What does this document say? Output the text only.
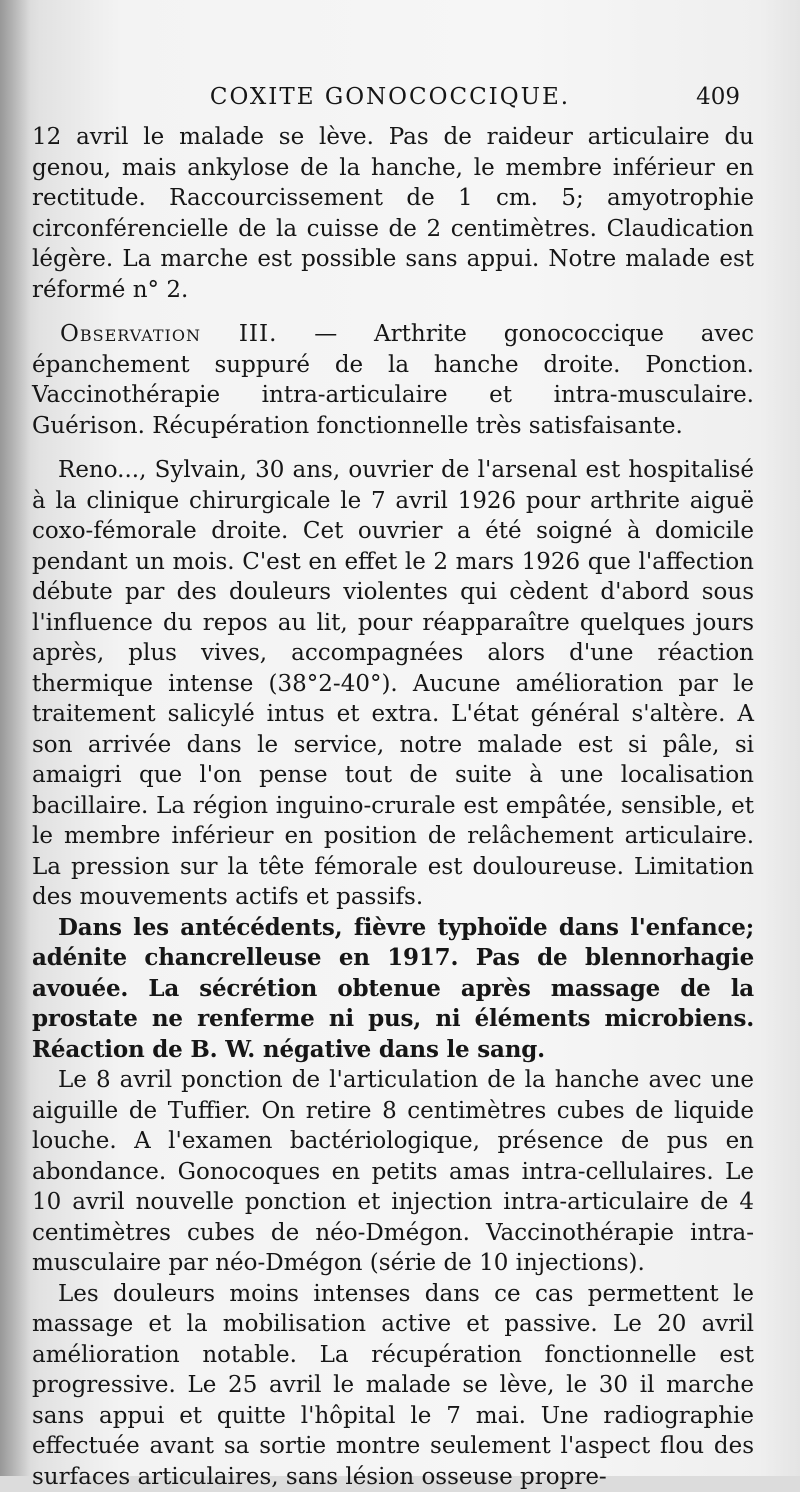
COXITE GONOCOCCIQUE.	409

12 avril le malade se lève. Pas de raideur articulaire du genou, mais ankylose de la hanche, le membre inférieur en rectitude. Raccourcissement de 1 cm. 5; amyotrophie circonférencielle de la cuisse de 2 centimètres. Claudication légère. La marche est possible sans appui. Notre malade est réformé n° 2.

Observation III. — Arthrite gonococcique avec épanchement suppuré de la hanche droite. Ponction. Vaccinothérapie intra-articulaire et intra-musculaire. Guérison. Récupération fonctionnelle très satisfaisante.

Reno..., Sylvain, 30 ans, ouvrier de l'arsenal est hospitalisé à la clinique chirurgicale le 7 avril 1926 pour arthrite aiguë coxo-fémorale droite. Cet ouvrier a été soigné à domicile pendant un mois. C'est en effet le 2 mars 1926 que l'affection débute par des douleurs violentes qui cèdent d'abord sous l'influence du repos au lit, pour réapparaître quelques jours après, plus vives, accompagnées alors d'une réaction thermique intense (38°2-40°). Aucune amélioration par le traitement salicylé intus et extra. L'état général s'altère. A son arrivée dans le service, notre malade est si pâle, si amaigri que l'on pense tout de suite à une localisation bacillaire. La région inguino-crurale est empâtée, sensible, et le membre inférieur en position de relâchement articulaire. La pression sur la tête fémorale est douloureuse. Limitation des mouvements actifs et passifs.

Dans les antécédents, fièvre typhoïde dans l'enfance; adénite chancrelleuse en 1917. Pas de blennorhagie avouée. La sécrétion obtenue après massage de la prostate ne renferme ni pus, ni éléments microbiens. Réaction de B. W. négative dans le sang.

Le 8 avril ponction de l'articulation de la hanche avec une aiguille de Tuffier. On retire 8 centimètres cubes de liquide louche. A l'examen bactériologique, présence de pus en abondance. Gonocoques en petits amas intra-cellulaires. Le 10 avril nouvelle ponction et injection intra-articulaire de 4 centimètres cubes de néo-Dmégon. Vaccinothérapie intra-musculaire par néo-Dmégon (série de 10 injections).

Les douleurs moins intenses dans ce cas permettent le massage et la mobilisation active et passive. Le 20 avril amélioration notable. La récupération fonctionnelle est progressive. Le 25 avril le malade se lève, le 30 il marche sans appui et quitte l'hôpital le 7 mai. Une radiographie effectuée avant sa sortie montre seulement l'aspect flou des surfaces articulaires, sans lésion osseuse propre-
